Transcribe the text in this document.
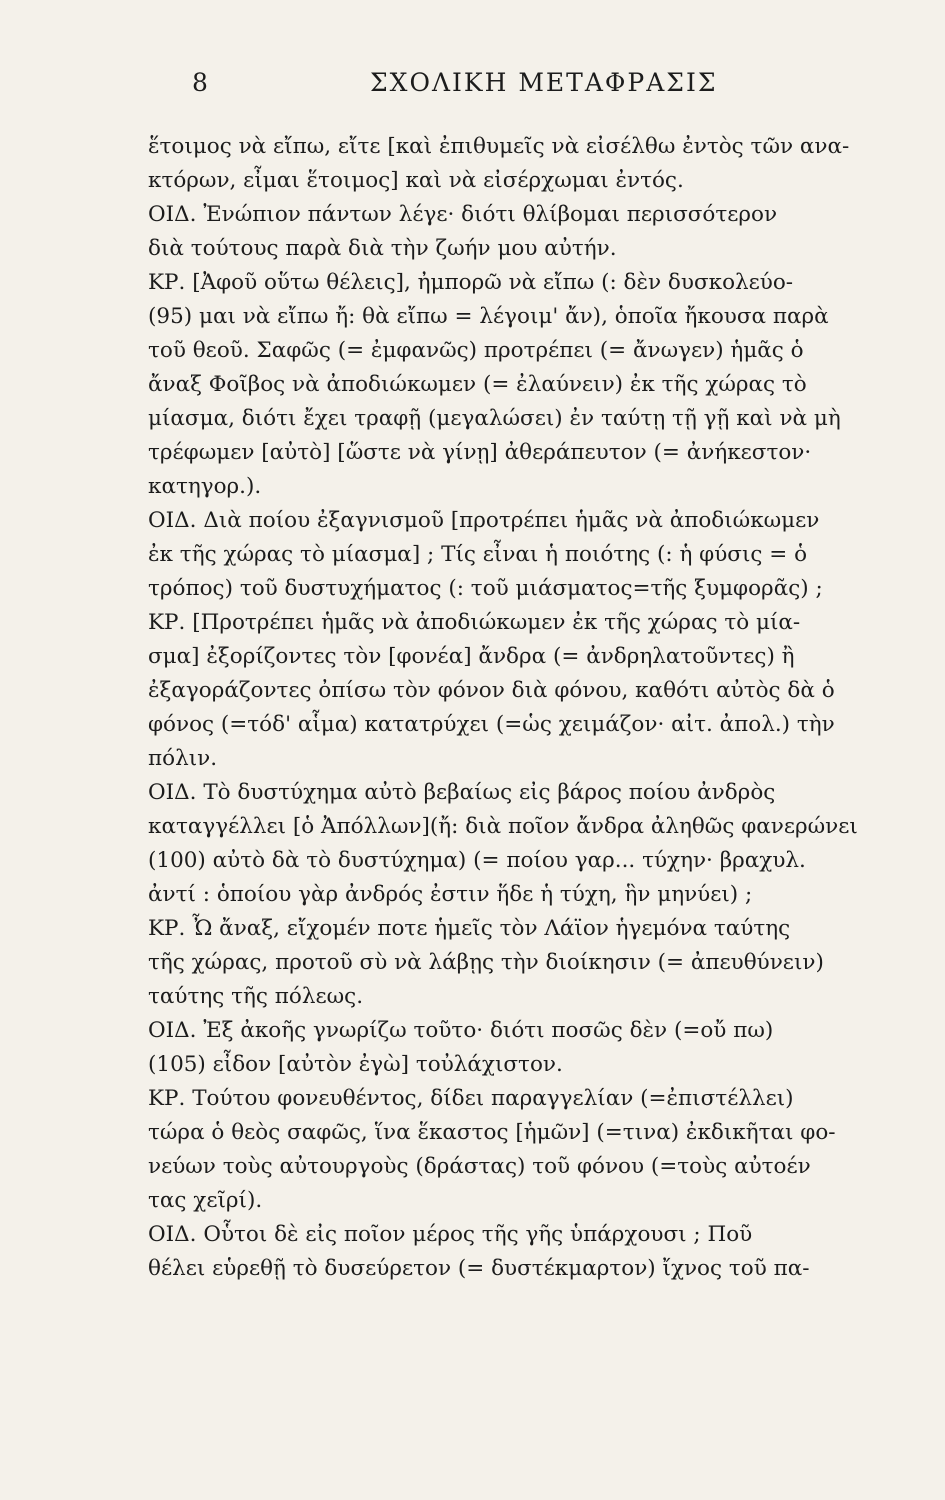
8	ΣΧΟΛΙΚΗ ΜΕΤΑΦΡΑΣΙΣ
ἕτοιμος νὰ εἴπω, εἴτε [καὶ ἐπιθυμεῖς νὰ εἰσέλθω ἐντὸς τῶν ανα-
κτόρων, εἶμαι ἕτοιμος] καὶ νὰ εἰσέρχωμαι ἐντός.
ΟΙΔ. Ἐνώπιον πάντων λέγε· διότι θλίβομαι περισσότερον
διὰ τούτους παρὰ διὰ τὴν ζωήν μου αὐτήν.
ΚΡ. [Ἀφοῦ οὕτω θέλεις], ἠμπορῶ νὰ εἴπω (: δὲν δυσκολεύο-
(95) μαι νὰ εἴπω ἤ: θὰ εἴπω = λέγοιμ' ἄν), ὁποῖα ἤκουσα παρὰ
τοῦ θεοῦ. Σαφῶς (= ἐμφανῶς) προτρέπει (= ἄνωγεν) ἡμᾶς ὁ
ἄναξ Φοῖβος νὰ ἀποδιώκωμεν (= ἐλαύνειν) ἐκ τῆς χώρας τὸ
μίασμα, διότι ἔχει τραφῇ (μεγαλώσει) ἐν ταύτῃ τῇ γῇ καὶ νὰ μὴ
τρέφωμεν [αὐτὸ] [ὥστε νὰ γίνῃ] ἀθεράπευτον (= ἀνήκεστον·
κατηγορ.).
ΟΙΔ. Διὰ ποίου ἐξαγνισμοῦ [προτρέπει ἡμᾶς νὰ ἀποδιώκωμεν
ἐκ τῆς χώρας τὸ μίασμα] ; Τίς εἶναι ἡ ποιότης (: ἡ φύσις = ὁ
τρόπος) τοῦ δυστυχήματος (: τοῦ μιάσματος=τῆς ξυμφορᾶς) ;
ΚΡ. [Προτρέπει ἡμᾶς νὰ ἀποδιώκωμεν ἐκ τῆς χώρας τὸ μία-
σμα] ἐξορίζοντες τὸν [φονέα] ἄνδρα (= ἀνδρηλατοῦντες) ἢ
ἐξαγοράζοντες ὀπίσω τὸν φόνον διὰ φόνου, καθότι αὐτὸς δὰ ὁ
φόνος (=τόδ' αἷμα) κατατρύχει (=ὡς χειμάζον· αἰτ. ἀπολ.) τὴν
πόλιν.
ΟΙΔ. Τὸ δυστύχημα αὐτὸ βεβαίως εἰς βάρος ποίου ἀνδρὸς
καταγγέλλει [ὁ Ἀπόλλων](ἤ: διὰ ποῖον ἄνδρα ἀληθῶς φανερώνει
(100) αὐτὸ δὰ τὸ δυστύχημα) (= ποίου γαρ... τύχην· βραχυλ.
ἀντί : ὁποίου γὰρ ἀνδρός ἐστιν ἥδε ἡ τύχη, ἣν μηνύει) ;
ΚΡ. Ὦ ἄναξ, εἴχομέν ποτε ἡμεῖς τὸν Λάϊον ἡγεμόνα ταύτης
τῆς χώρας, προτοῦ σὺ νὰ λάβῃς τὴν διοίκησιν (= ἀπευθύνειν)
ταύτης τῆς πόλεως.
ΟΙΔ. Ἐξ ἀκοῆς γνωρίζω τοῦτο· διότι ποσῶς δὲν (=οὔ πω)
(105) εἶδον [αὐτὸν ἐγὼ] τοὐλάχιστον.
ΚΡ. Τούτου φονευθέντος, δίδει παραγγελίαν (=ἐπιστέλλει)
τώρα ὁ θεὸς σαφῶς, ἵνα ἕκαστος [ἡμῶν] (=τινα) ἐκδικῆται φο-
νεύων τοὺς αὐτουργοὺς (δράστας) τοῦ φόνου (=τοὺς αὐτοέν
τας χεῖρί).
ΟΙΔ. Οὗτοι δὲ εἰς ποῖον μέρος τῆς γῆς ὑπάρχουσι ; Ποῦ
θέλει εὑρεθῇ τὸ δυσεύρετον (= δυστέκμαρτον) ἴχνος τοῦ πα-
